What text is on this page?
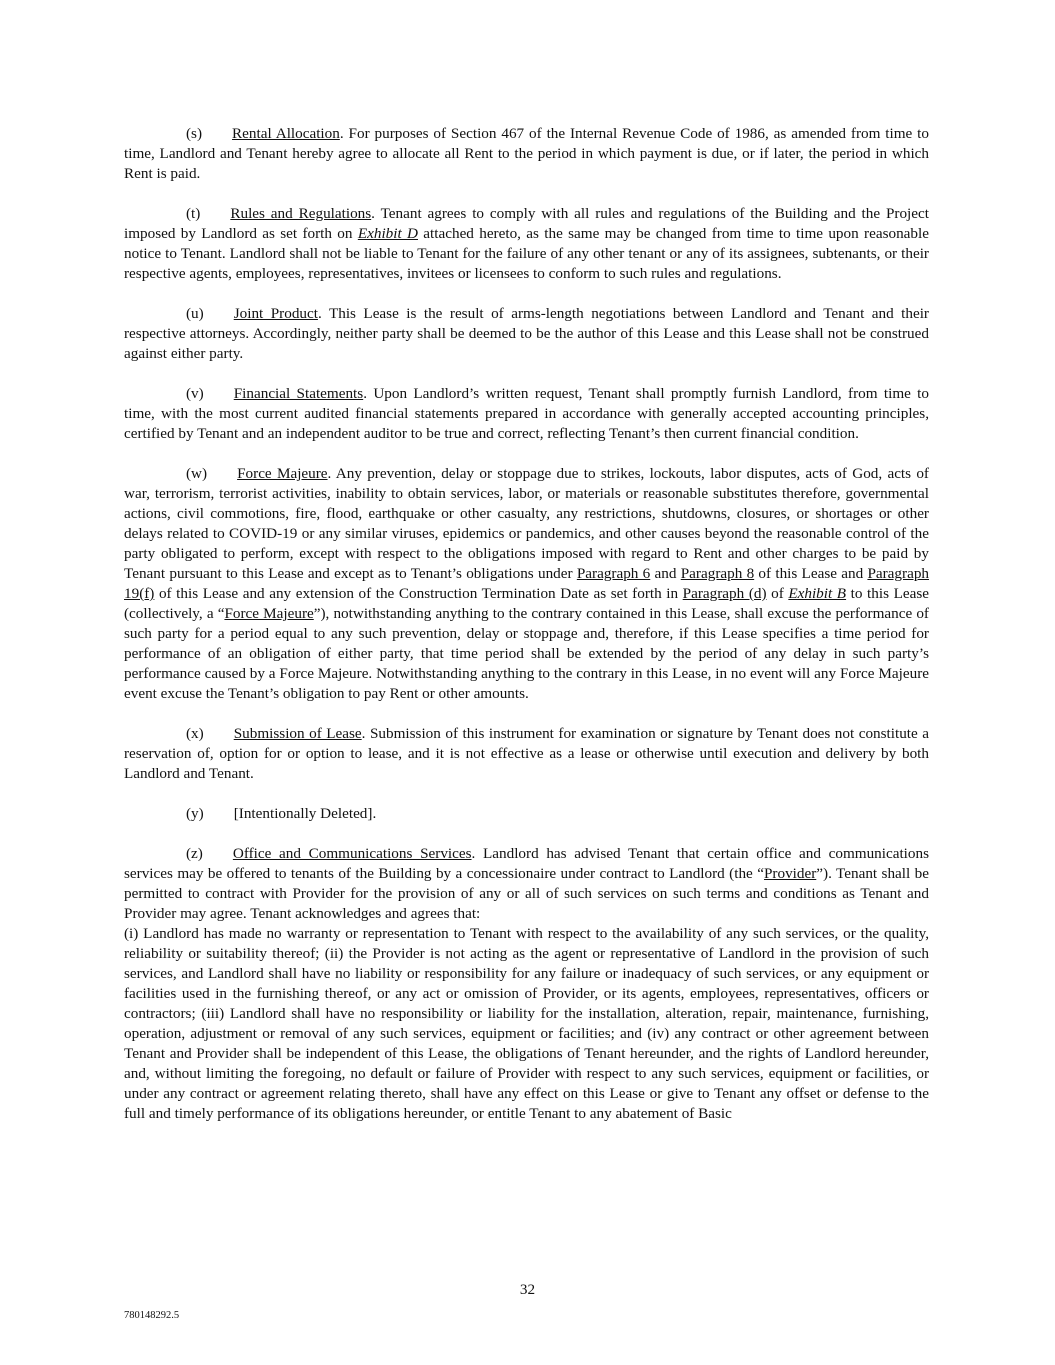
(s) Rental Allocation. For purposes of Section 467 of the Internal Revenue Code of 1986, as amended from time to time, Landlord and Tenant hereby agree to allocate all Rent to the period in which payment is due, or if later, the period in which Rent is paid.

(t) Rules and Regulations. Tenant agrees to comply with all rules and regulations of the Building and the Project imposed by Landlord as set forth on Exhibit D attached hereto, as the same may be changed from time to time upon reasonable notice to Tenant. Landlord shall not be liable to Tenant for the failure of any other tenant or any of its assignees, subtenants, or their respective agents, employees, representatives, invitees or licensees to conform to such rules and regulations.

(u) Joint Product. This Lease is the result of arms-length negotiations between Landlord and Tenant and their respective attorneys. Accordingly, neither party shall be deemed to be the author of this Lease and this Lease shall not be construed against either party.

(v) Financial Statements. Upon Landlord’s written request, Tenant shall promptly furnish Landlord, from time to time, with the most current audited financial statements prepared in accordance with generally accepted accounting principles, certified by Tenant and an independent auditor to be true and correct, reflecting Tenant’s then current financial condition.

(w) Force Majeure. Any prevention, delay or stoppage due to strikes, lockouts, labor disputes, acts of God, acts of war, terrorism, terrorist activities, inability to obtain services, labor, or materials or reasonable substitutes therefore, governmental actions, civil commotions, fire, flood, earthquake or other casualty, any restrictions, shutdowns, closures, or shortages or other delays related to COVID-19 or any similar viruses, epidemics or pandemics, and other causes beyond the reasonable control of the party obligated to perform, except with respect to the obligations imposed with regard to Rent and other charges to be paid by Tenant pursuant to this Lease and except as to Tenant’s obligations under Paragraph 6 and Paragraph 8 of this Lease and Paragraph 19(f) of this Lease and any extension of the Construction Termination Date as set forth in Paragraph (d) of Exhibit B to this Lease (collectively, a “Force Majeure”), notwithstanding anything to the contrary contained in this Lease, shall excuse the performance of such party for a period equal to any such prevention, delay or stoppage and, therefore, if this Lease specifies a time period for performance of an obligation of either party, that time period shall be extended by the period of any delay in such party’s performance caused by a Force Majeure. Notwithstanding anything to the contrary in this Lease, in no event will any Force Majeure event excuse the Tenant’s obligation to pay Rent or other amounts.

(x) Submission of Lease. Submission of this instrument for examination or signature by Tenant does not constitute a reservation of, option for or option to lease, and it is not effective as a lease or otherwise until execution and delivery by both Landlord and Tenant.

(y) [Intentionally Deleted].

(z) Office and Communications Services. Landlord has advised Tenant that certain office and communications services may be offered to tenants of the Building by a concessionaire under contract to Landlord (the “Provider”). Tenant shall be permitted to contract with Provider for the provision of any or all of such services on such terms and conditions as Tenant and Provider may agree. Tenant acknowledges and agrees that:

(i) Landlord has made no warranty or representation to Tenant with respect to the availability of any such services, or the quality, reliability or suitability thereof; (ii) the Provider is not acting as the agent or representative of Landlord in the provision of such services, and Landlord shall have no liability or responsibility for any failure or inadequacy of such services, or any equipment or facilities used in the furnishing thereof, or any act or omission of Provider, or its agents, employees, representatives, officers or contractors; (iii) Landlord shall have no responsibility or liability for the installation, alteration, repair, maintenance, furnishing, operation, adjustment or removal of any such services, equipment or facilities; and (iv) any contract or other agreement between Tenant and Provider shall be independent of this Lease, the obligations of Tenant hereunder, and the rights of Landlord hereunder, and, without limiting the foregoing, no default or failure of Provider with respect to any such services, equipment or facilities, or under any contract or agreement relating thereto, shall have any effect on this Lease or give to Tenant any offset or defense to the full and timely performance of its obligations hereunder, or entitle Tenant to any abatement of Basic

32
780148292.5
